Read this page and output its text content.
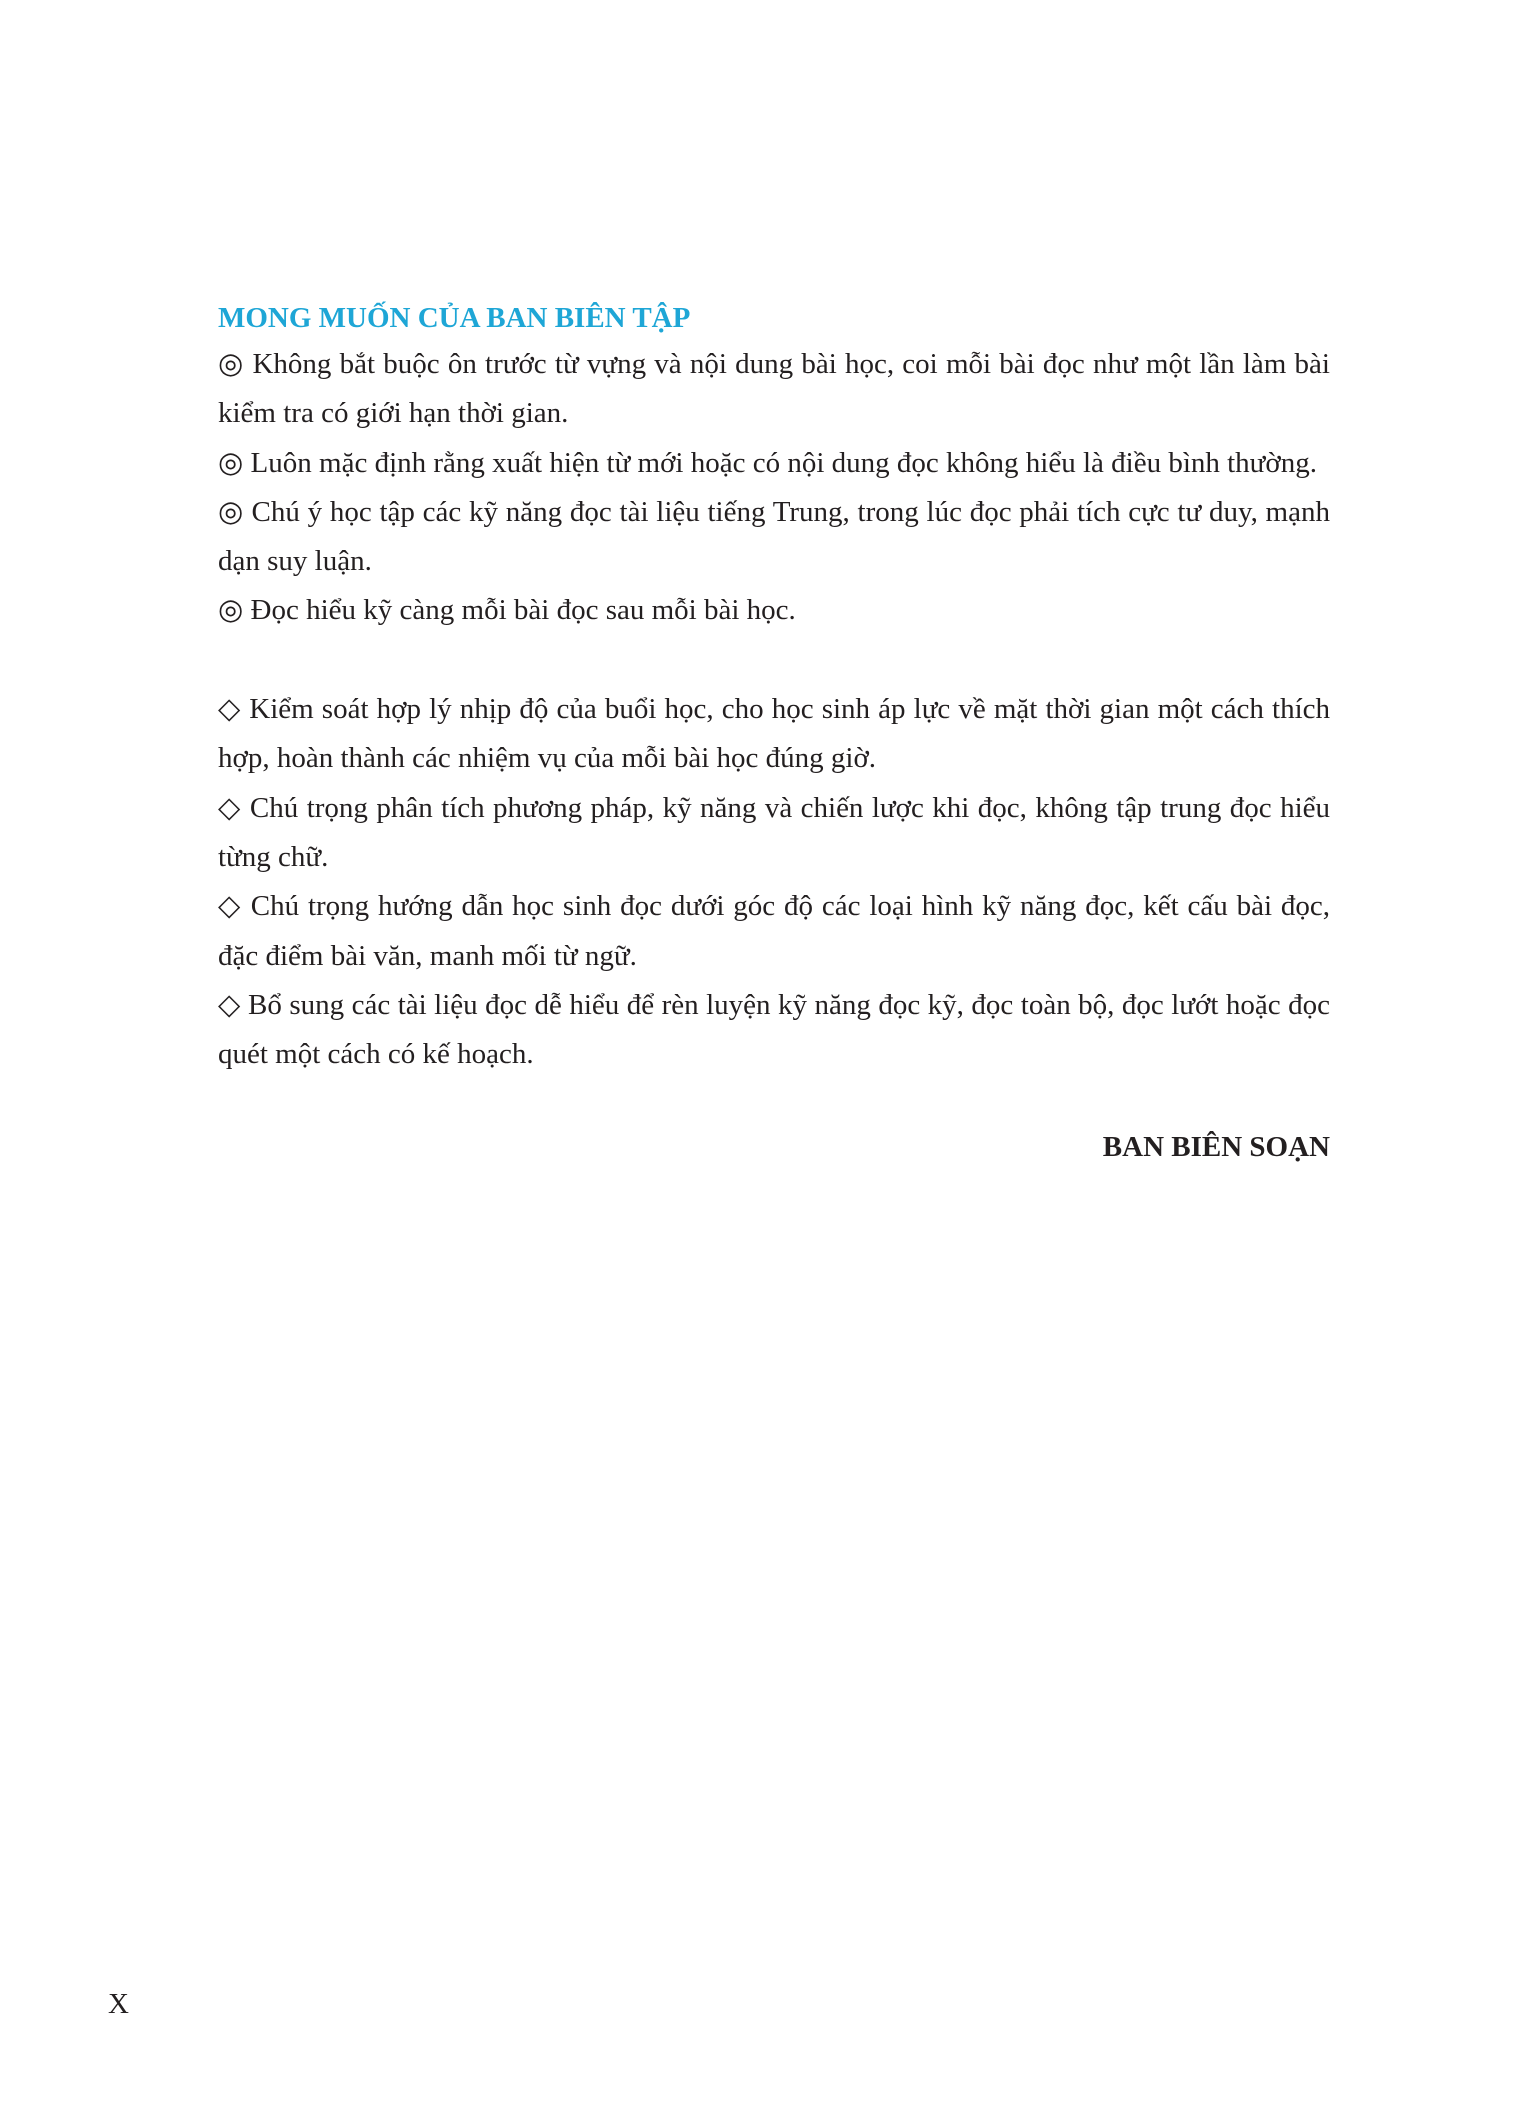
MONG MUỐN CỦA BAN BIÊN TẬP

◎ Không bắt buộc ôn trước từ vựng và nội dung bài học, coi mỗi bài đọc như một lần làm bài kiểm tra có giới hạn thời gian.

◎ Luôn mặc định rằng xuất hiện từ mới hoặc có nội dung đọc không hiểu là điều bình thường.

◎ Chú ý học tập các kỹ năng đọc tài liệu tiếng Trung, trong lúc đọc phải tích cực tư duy, mạnh dạn suy luận.

◎ Đọc hiểu kỹ càng mỗi bài đọc sau mỗi bài học.

◇ Kiểm soát hợp lý nhịp độ của buổi học, cho học sinh áp lực về mặt thời gian một cách thích hợp, hoàn thành các nhiệm vụ của mỗi bài học đúng giờ.

◇ Chú trọng phân tích phương pháp, kỹ năng và chiến lược khi đọc, không tập trung đọc hiểu từng chữ.

◇ Chú trọng hướng dẫn học sinh đọc dưới góc độ các loại hình kỹ năng đọc, kết cấu bài đọc, đặc điểm bài văn, manh mối từ ngữ.

◇ Bổ sung các tài liệu đọc dễ hiểu để rèn luyện kỹ năng đọc kỹ, đọc toàn bộ, đọc lướt hoặc đọc quét một cách có kế hoạch.

BAN BIÊN SOẠN

X
